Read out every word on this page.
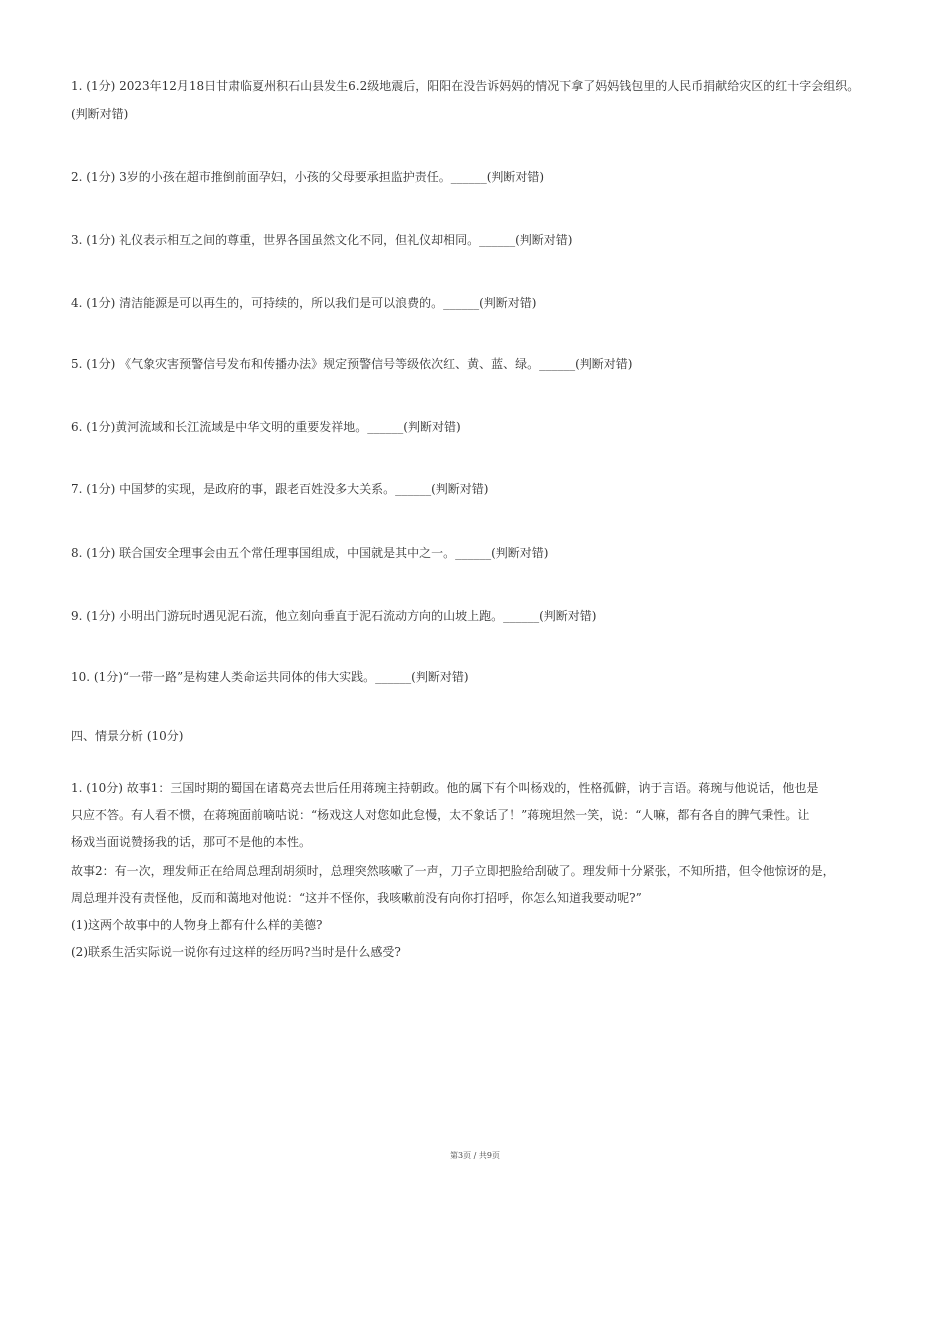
1. (1分) 2023年12月18日甘肃临夏州积石山县发生6.2级地震后，阳阳在没告诉妈妈的情况下拿了妈妈钱包里的人民币捐献给灾区的红十字会组织。
(判断对错)
2. (1分) 3岁的小孩在超市推倒前面孕妇，小孩的父母要承担监护责任。______(判断对错)
3. (1分) 礼仪表示相互之间的尊重，世界各国虽然文化不同，但礼仪却相同。______(判断对错)
4. (1分) 清洁能源是可以再生的，可持续的，所以我们是可以浪费的。______(判断对错)
5. (1分) 《气象灾害预警信号发布和传播办法》规定预警信号等级依次红、黄、蓝、绿。______(判断对错)
6. (1分)黄河流域和长江流域是中华文明的重要发祥地。______(判断对错)
7. (1分) 中国梦的实现，是政府的事，跟老百姓没多大关系。______(判断对错)
8. (1分) 联合国安全理事会由五个常任理事国组成，中国就是其中之一。______(判断对错)
9. (1分) 小明出门游玩时遇见泥石流，他立刻向垂直于泥石流动方向的山坡上跑。______(判断对错)
10. (1分)“一带一路”是构建人类命运共同体的伟大实践。______(判断对错)
四、情景分析 (10分)

1. (10分) 故事1：三国时期的蜀国在诸葛亮去世后任用蒋琬主持朝政。他的属下有个叫杨戏的，性格孤僻，讷于言语。蒋琬与他说话，他也是

只应不答。有人看不惯，在蒋琬面前嘀咕说：“杨戏这人对您如此怠慢，太不象话了！”蒋琬坦然一笑，说：“人嘛，都有各自的脾气秉性。让

杨戏当面说赞扬我的话，那可不是他的本性。

故事2：有一次，理发师正在给周总理刮胡须时，总理突然咳嗽了一声，刀子立即把脸给刮破了。理发师十分紧张，不知所措，但令他惊讶的是，

周总理并没有责怪他，反而和蔼地对他说：“这并不怪你，我咳嗽前没有向你打招呼，你怎么知道我要动呢?”

(1)这两个故事中的人物身上都有什么样的美德?

(2)联系生活实际说一说你有过这样的经历吗?当时是什么感受?

第3页 / 共9页
